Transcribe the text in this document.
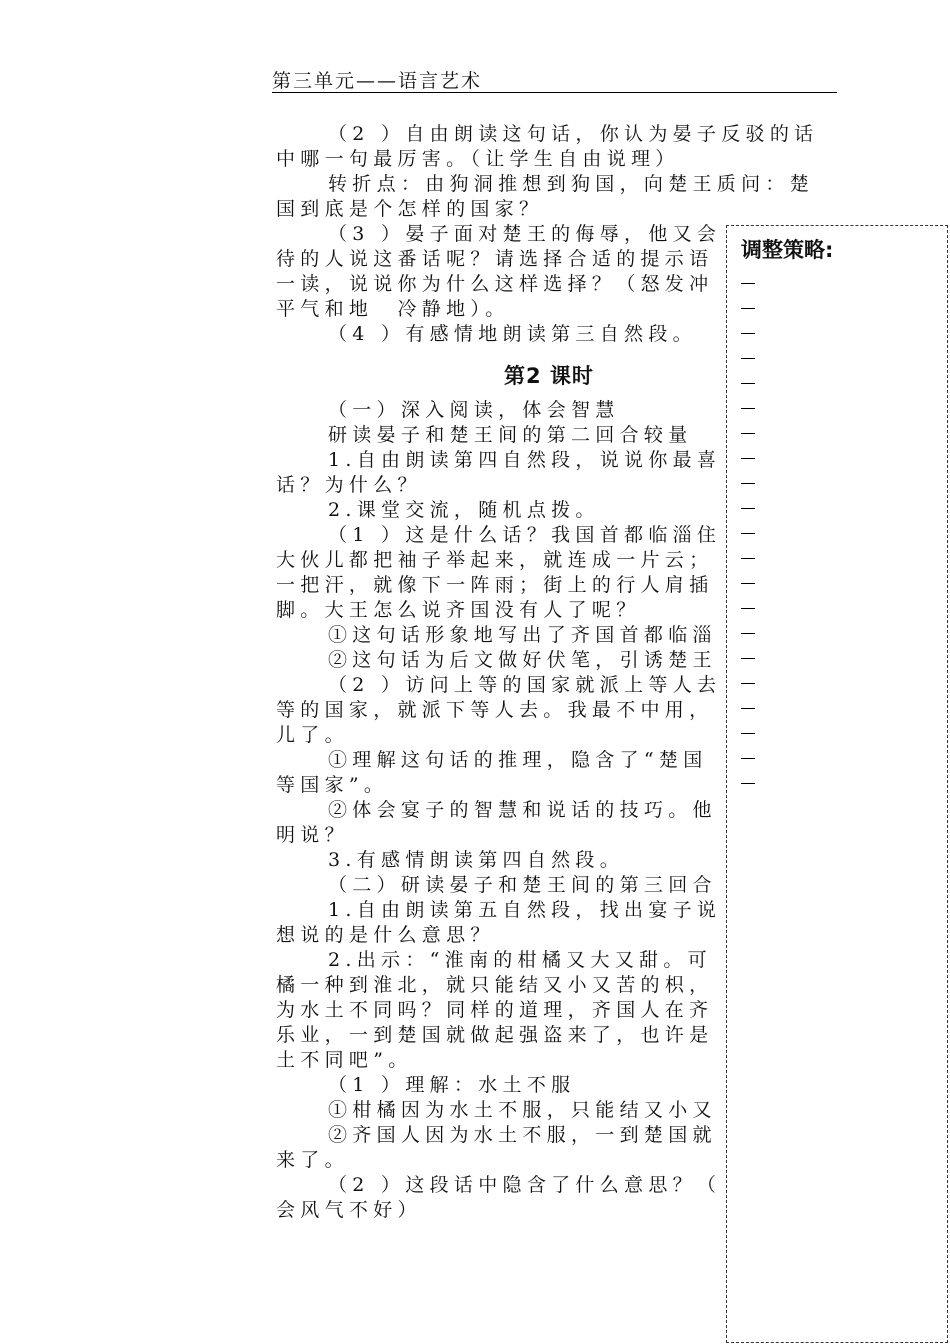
第三单元——语言艺术
（2 ）自由朗读这句话，你认为晏子反驳的话
中哪一句最厉害。（让学生自由说理）
转折点：由狗洞推想到狗国，向楚王质问：楚
国到底是个怎样的国家？
（3 ）晏子面对楚王的侮辱，他又会
待的人说这番话呢？请选择合适的提示语
一读，说说你为什么这样选择？（怒发冲
平气和地　冷静地）。
（4 ）有感情地朗读第三自然段。
第2 课时
（一）深入阅读，体会智慧
研读晏子和楚王间的第二回合较量
1.自由朗读第四自然段，说说你最喜
话？为什么？
2.课堂交流，随机点拨。
（1 ）这是什么话？我国首都临淄住
大伙儿都把袖子举起来，就连成一片云；
一把汗，就像下一阵雨；街上的行人肩插
脚。大王怎么说齐国没有人了呢？
①这句话形象地写出了齐国首都临淄
②这句话为后文做好伏笔，引诱楚王
（2 ）访问上等的国家就派上等人去
等的国家，就派下等人去。我最不中用，
儿了。
①理解这句话的推理，隐含了“楚国
等国家”。
②体会宴子的智慧和说话的技巧。他
明说？
3.有感情朗读第四自然段。
（二）研读晏子和楚王间的第三回合
1.自由朗读第五自然段，找出宴子说
想说的是什么意思？
2.出示：“淮南的柑橘又大又甜。可
橘一种到淮北，就只能结又小又苦的枳，
为水土不同吗？同样的道理，齐国人在齐
乐业，一到楚国就做起强盗来了，也许是
土不同吧”。
（1 ）理解：水土不服
①柑橘因为水土不服，只能结又小又
②齐国人因为水土不服，一到楚国就
来了。
（2 ）这段话中隐含了什么意思？（
会风气不好）
调整策略:
